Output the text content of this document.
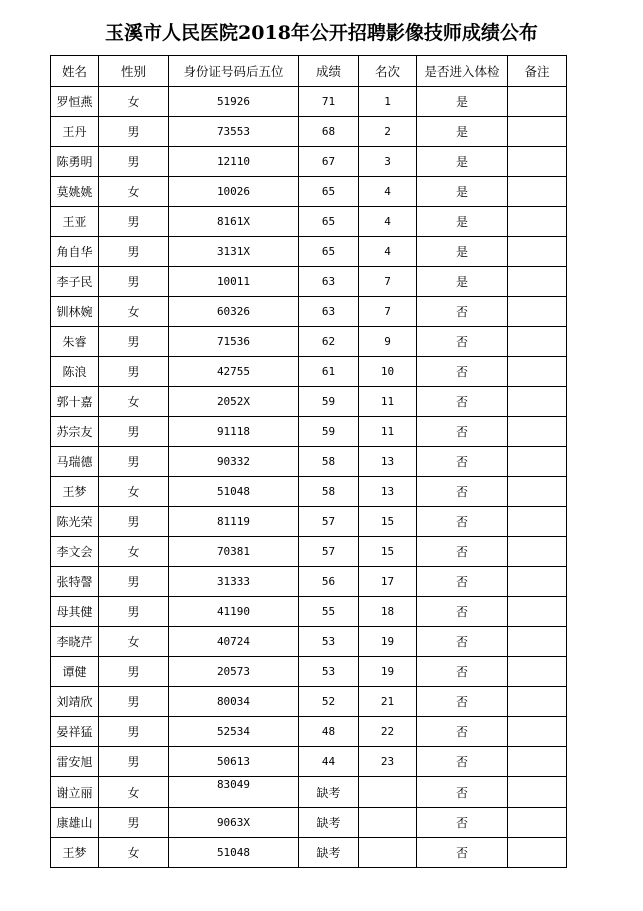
玉溪市人民医院2018年公开招聘影像技师成绩公布
姓名	性别	身份证号码后五位	成绩	名次	是否进入体检	备注
罗恒燕	女	51926	71	1	是	
王丹	男	73553	68	2	是	
陈勇明	男	12110	67	3	是	
莫姚姚	女	10026	65	4	是	
王亚	男	8161X	65	4	是	
角自华	男	3131X	65	4	是	
李子民	男	10011	63	7	是	
钏林婉	女	60326	63	7	否	
朱睿	男	71536	62	9	否	
陈浪	男	42755	61	10	否	
郭十嘉	女	2052X	59	11	否	
苏宗友	男	91118	59	11	否	
马瑞德	男	90332	58	13	否	
王梦	女	51048	58	13	否	
陈光荣	男	81119	57	15	否	
李文会	女	70381	57	15	否	
张特謦	男	31333	56	17	否	
母其健	男	41190	55	18	否	
李晓芹	女	40724	53	19	否	
谭健	男	20573	53	19	否	
刘靖欣	男	80034	52	21	否	
晏祥猛	男	52534	48	22	否	
雷安旭	男	50613	44	23	否	
谢立丽	女	83049	缺考		否	
康雄山	男	9063X	缺考		否	
王梦	女	51048	缺考		否	
